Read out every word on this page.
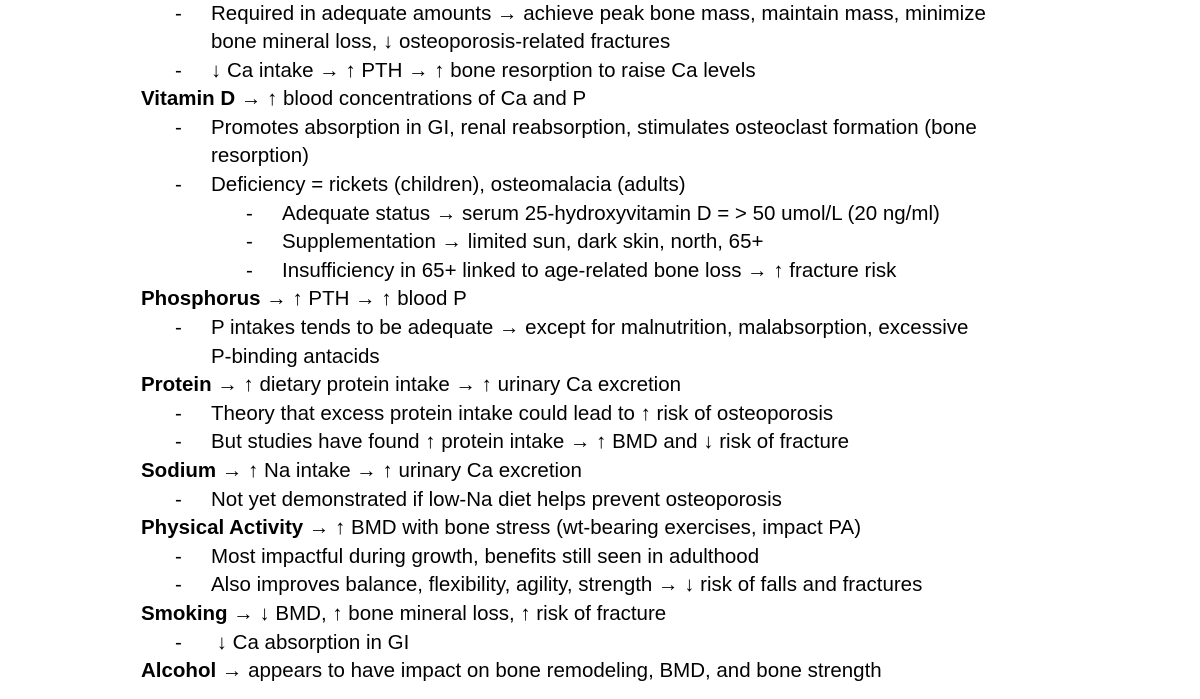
- Required in adequate amounts → achieve peak bone mass, maintain mass, minimize
bone mineral loss, ↓ osteoporosis-related fractures
- ↓ Ca intake → ↑ PTH → ↑ bone resorption to raise Ca levels
Vitamin D → ↑ blood concentrations of Ca and P
- Promotes absorption in GI, renal reabsorption, stimulates osteoclast formation (bone
resorption)
- Deficiency = rickets (children), osteomalacia (adults)
- Adequate status → serum 25-hydroxyvitamin D = > 50 umol/L (20 ng/ml)
- Supplementation → limited sun, dark skin, north, 65+
- Insufficiency in 65+ linked to age-related bone loss → ↑ fracture risk
Phosphorus → ↑ PTH → ↑ blood P
- P intakes tends to be adequate → except for malnutrition, malabsorption, excessive
P-binding antacids
Protein → ↑ dietary protein intake → ↑ urinary Ca excretion
- Theory that excess protein intake could lead to ↑ risk of osteoporosis
- But studies have found ↑ protein intake → ↑ BMD and ↓ risk of fracture
Sodium → ↑ Na intake → ↑ urinary Ca excretion
- Not yet demonstrated if low-Na diet helps prevent osteoporosis
Physical Activity → ↑ BMD with bone stress (wt-bearing exercises, impact PA)
- Most impactful during growth, benefits still seen in adulthood
- Also improves balance, flexibility, agility, strength → ↓ risk of falls and fractures
Smoking → ↓ BMD, ↑ bone mineral loss, ↑ risk of fracture
- ↓ Ca absorption in GI
Alcohol → appears to have impact on bone remodeling, BMD, and bone strength
